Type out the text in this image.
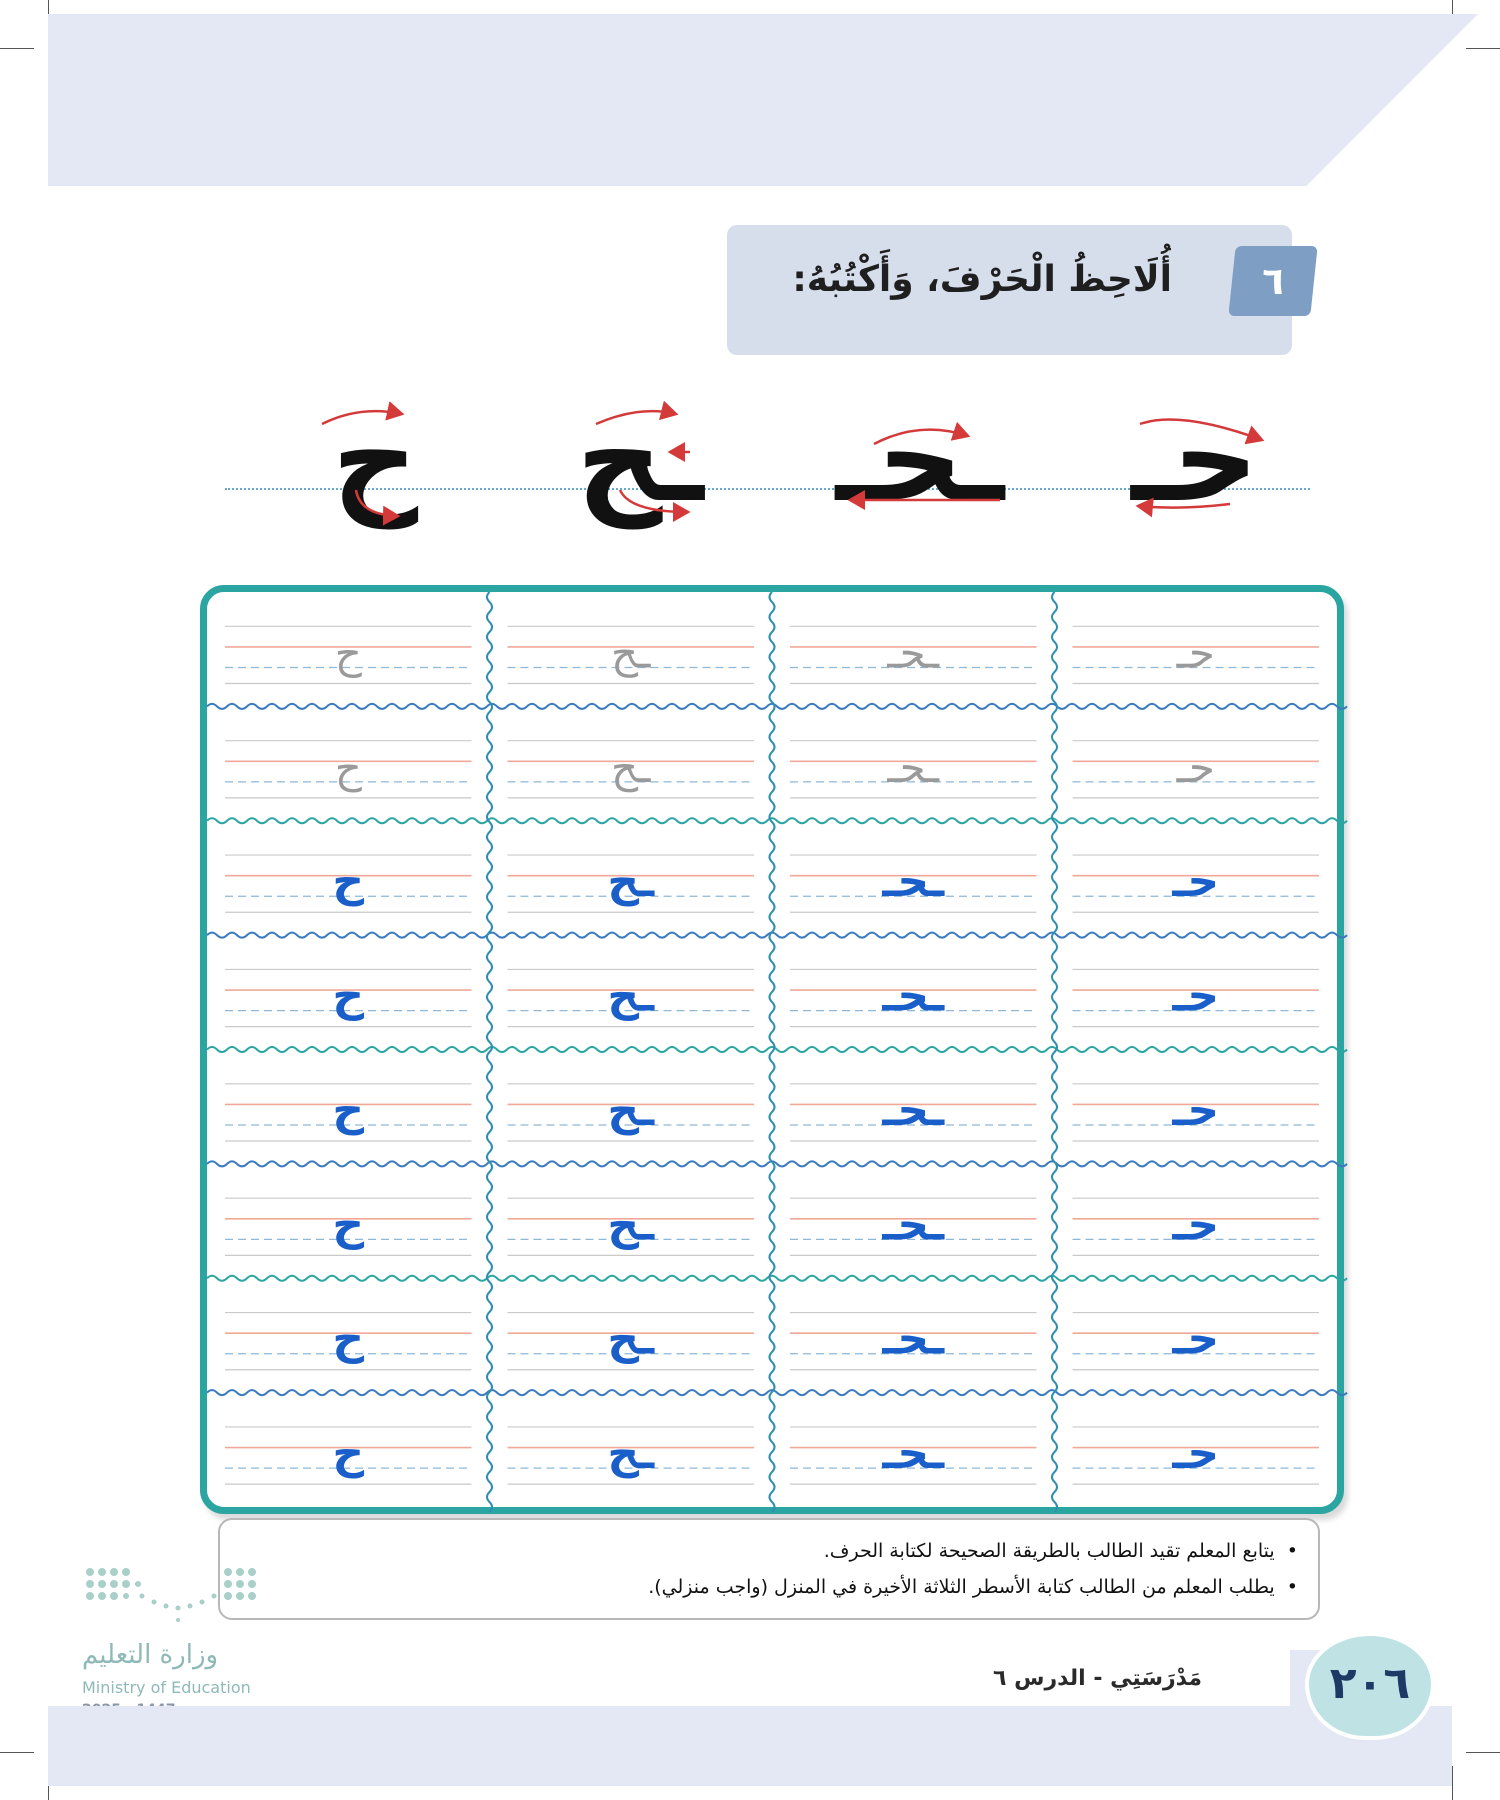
أُلَاحِظُ الْحَرْفَ، وَأَكْتُبُهُ:	٦
ح ـح ـحـ حـ
ح	ـح	ـحـ	حـ
ح	ـح	ـحـ	حـ
ح	ـح	ـحـ	حـ
ح	ـح	ـحـ	حـ
ح	ـح	ـحـ	حـ
ح	ـح	ـحـ	حـ
ح	ـح	ـحـ	حـ
ح	ـح	ـحـ	حـ
•  يتابع المعلم تقيد الطالب بالطريقة الصحيحة لكتابة الحرف.
•  يطلب المعلم من الطالب كتابة الأسطر الثلاثة الأخيرة في المنزل (واجب منزلي).
وزارة التعليم
Ministry of Education	مَدْرَسَتِي - الدرس ٦	٢٠٦
